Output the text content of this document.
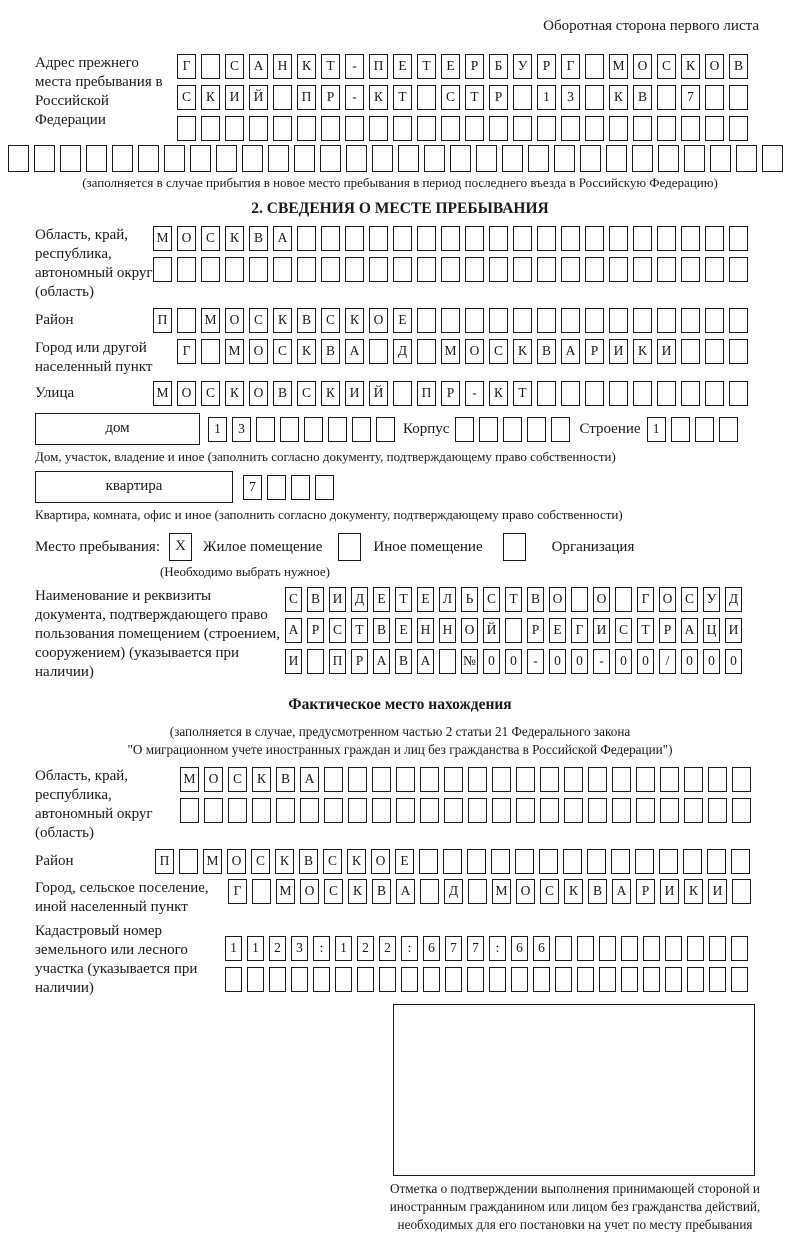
Оборотная сторона первого листа
Адрес прежнего места пребывания в Российской Федерации
Г	С	А	Н	К	Т	-	П	Е	Т	Е	Р	Б	У	Р	Г	М О	С	К	О	В
С	К	И	Й	П	Р	-	К	Т	С	Т	Р	1	3	К	В	7
(заполняется в случае прибытия в новое место пребывания в период последнего въезда в Российскую Федерацию)
2. СВЕДЕНИЯ О МЕСТЕ ПРЕБЫВАНИЯ
Область, край, республика, автономный округ (область)
М О	С	К	В	А
Район	П	М О	С	К	В	С	К	О	Е
Город или другой населенный пункт
Г	М О	С	К	В	А	Д	М О	С	К	В	А	Р	И	К	И
Улица	М О	С	К	О	В	С	К	И	Й	П	Р	-	К	Т
дом	1	3	Корпус	Строение 1
Дом, участок, владение и иное (заполнить согласно документу, подтверждающему право собственности)
квартира	7
Квартира, комната, офис и иное (заполнить согласно документу, подтверждающему право собственности)
Место пребывания:	X	Жилое помещение	Иное помещение	Организация
(Необходимо выбрать нужное)
Наименование и реквизиты документа, подтверждающего право пользования помещением (строением, сооружением) (указывается при наличии)
С В И Д Е	Т	Е Л	Ь	С Т В О	О	Г О С У Д
А Р	С Т В Е Н Н О Й	Р	Е	Г И С Т	Р А Ц И
И	П Р А В А № 0	0	-	0	0	-	0	0	/	0	0	0
Фактическое место нахождения
(заполняется в случае, предусмотренном частью 2 статьи 21 Федерального закона
"О миграционном учете иностранных граждан и лиц без гражданства в Российской Федерации")
Область, край, республика, автономный округ (область)
М О	С	К	В	А
Район	П	М О	С	К	В	С	К	О	Е
Город, сельское поселение, иной населенный пункт
Г	М О	С	К	В	А	Д	М О	С	К	В	А	Р	И	К	И
Кадастровый номер земельного или лесного участка (указывается при наличии)
1	1	2	3	:	1	2	2	:	6	7	7	:	6	6
Отметка о подтверждении выполнения принимающей стороной и иностранным гражданином или лицом без гражданства действий, необходимых для его постановки на учет по месту пребывания
